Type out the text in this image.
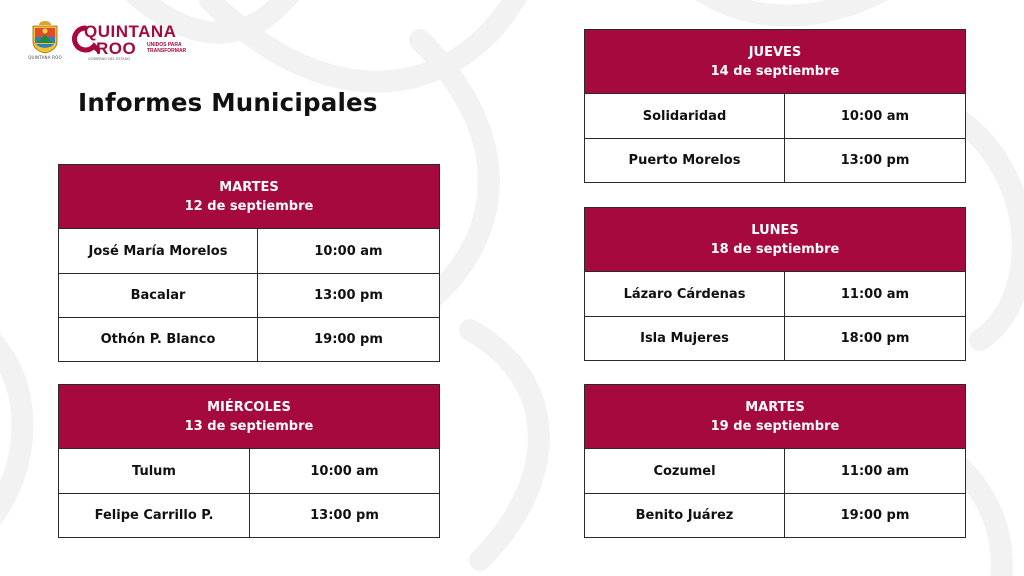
QUINTANA ROO
QUINTANA
ROO UNIDOS PARA TRANSFORMAR
GOBIERNO DEL ESTADO
Informes Municipales
MARTES
12 de septiembre
José María Morelos	10:00 am
Bacalar	13:00 pm
Othón P. Blanco	19:00 pm
MIÉRCOLES
13 de septiembre
Tulum	10:00 am
Felipe Carrillo P.	13:00 pm
JUEVES
14 de septiembre
Solidaridad	10:00 am
Puerto Morelos	13:00 pm
LUNES
18 de septiembre
Lázaro Cárdenas	11:00 am
Isla Mujeres	18:00 pm
MARTES
19 de septiembre
Cozumel	11:00 am
Benito Juárez	19:00 pm
